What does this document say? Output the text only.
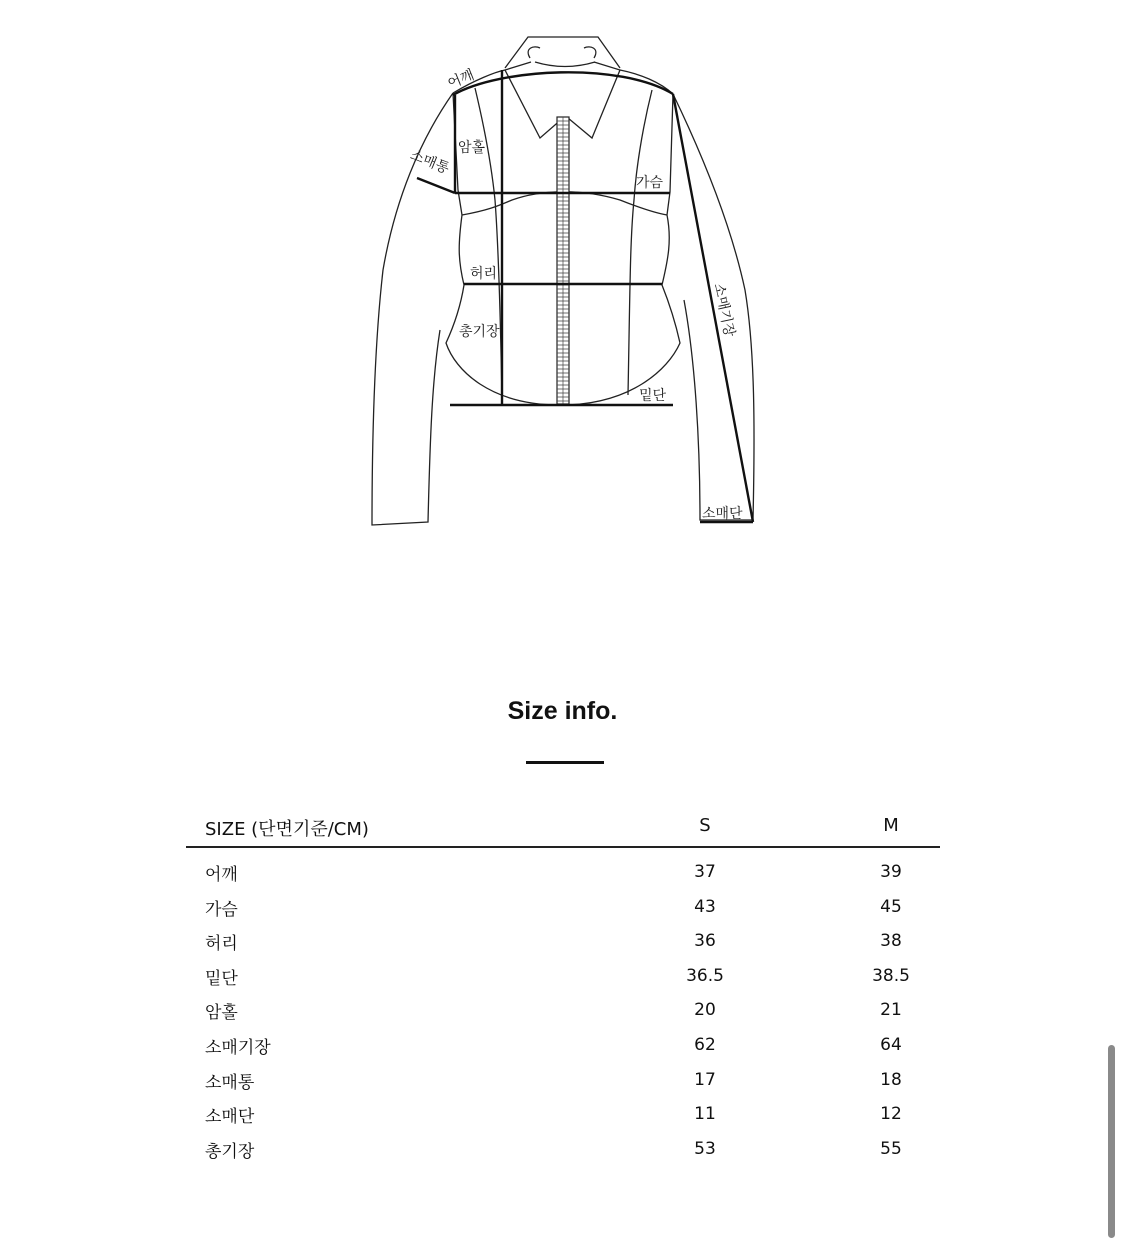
어깨
암홀
소매통
가슴
허리
총기장
밑단
소매기장
소매단
Size info.
SIZE (단면기준/CM)	S	M
어깨	37	39
가슴	43	45
허리	36	38
밑단	36.5	38.5
암홀	20	21
소매기장	62	64
소매통	17	18
소매단	11	12
총기장	53	55
